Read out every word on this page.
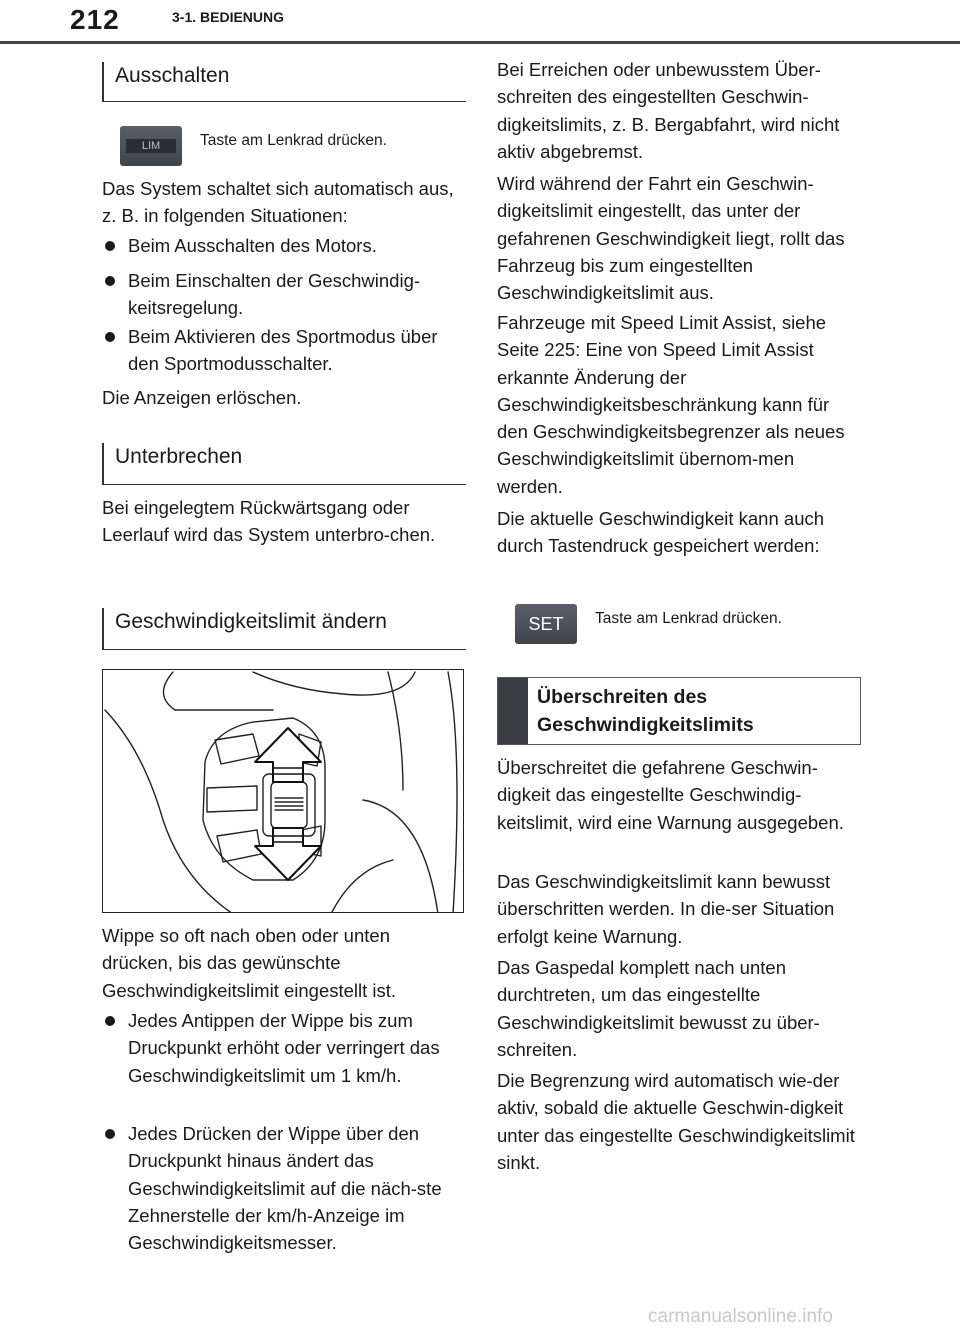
212	3-1. BEDIENUNG
Ausschalten
LIM	Taste am Lenkrad drücken.

Das System schaltet sich automatisch aus, z. B. in folgenden Situationen:

Beim Ausschalten des Motors.
Beim Einschalten der Geschwindig-keitsregelung.
Beim Aktivieren des Sportmodus über den Sportmodusschalter.

Die Anzeigen erlöschen.

Unterbrechen

Bei eingelegtem Rückwärtsgang oder Leerlauf wird das System unterbro-chen.

Geschwindigkeitslimit ändern

Wippe so oft nach oben oder unten drücken, bis das gewünschte Geschwindigkeitslimit eingestellt ist.

Jedes Antippen der Wippe bis zum Druckpunkt erhöht oder verringert das Geschwindigkeitslimit um 1 km/h.
Jedes Drücken der Wippe über den Druckpunkt hinaus ändert das Geschwindigkeitslimit auf die näch-ste Zehnerstelle der km/h-Anzeige im Geschwindigkeitsmesser.

Bei Erreichen oder unbewusstem Über-schreiten des eingestellten Geschwin-digkeitslimits, z. B. Bergabfahrt, wird nicht aktiv abgebremst.

Wird während der Fahrt ein Geschwin-digkeitslimit eingestellt, das unter der gefahrenen Geschwindigkeit liegt, rollt das Fahrzeug bis zum eingestellten Geschwindigkeitslimit aus.

Fahrzeuge mit Speed Limit Assist, siehe Seite 225: Eine von Speed Limit Assist erkannte Änderung der Geschwindigkeitsbeschränkung kann für den Geschwindigkeitsbegrenzer als neues Geschwindigkeitslimit übernom-men werden.

Die aktuelle Geschwindigkeit kann auch durch Tastendruck gespeichert werden:

SET	Taste am Lenkrad drücken.

Überschreitet die gefahrene Geschwin-digkeit das eingestellte Geschwindig-keitslimit, wird eine Warnung ausgegeben.

Das Geschwindigkeitslimit kann bewusst überschritten werden. In die-ser Situation erfolgt keine Warnung.

Das Gaspedal komplett nach unten durchtreten, um das eingestellte Geschwindigkeitslimit bewusst zu über-schreiten.

Die Begrenzung wird automatisch wie-der aktiv, sobald die aktuelle Geschwin-digkeit unter das eingestellte Geschwindigkeitslimit sinkt.

Überschreiten des Geschwindigkeitslimits
carmanualsonline.info
